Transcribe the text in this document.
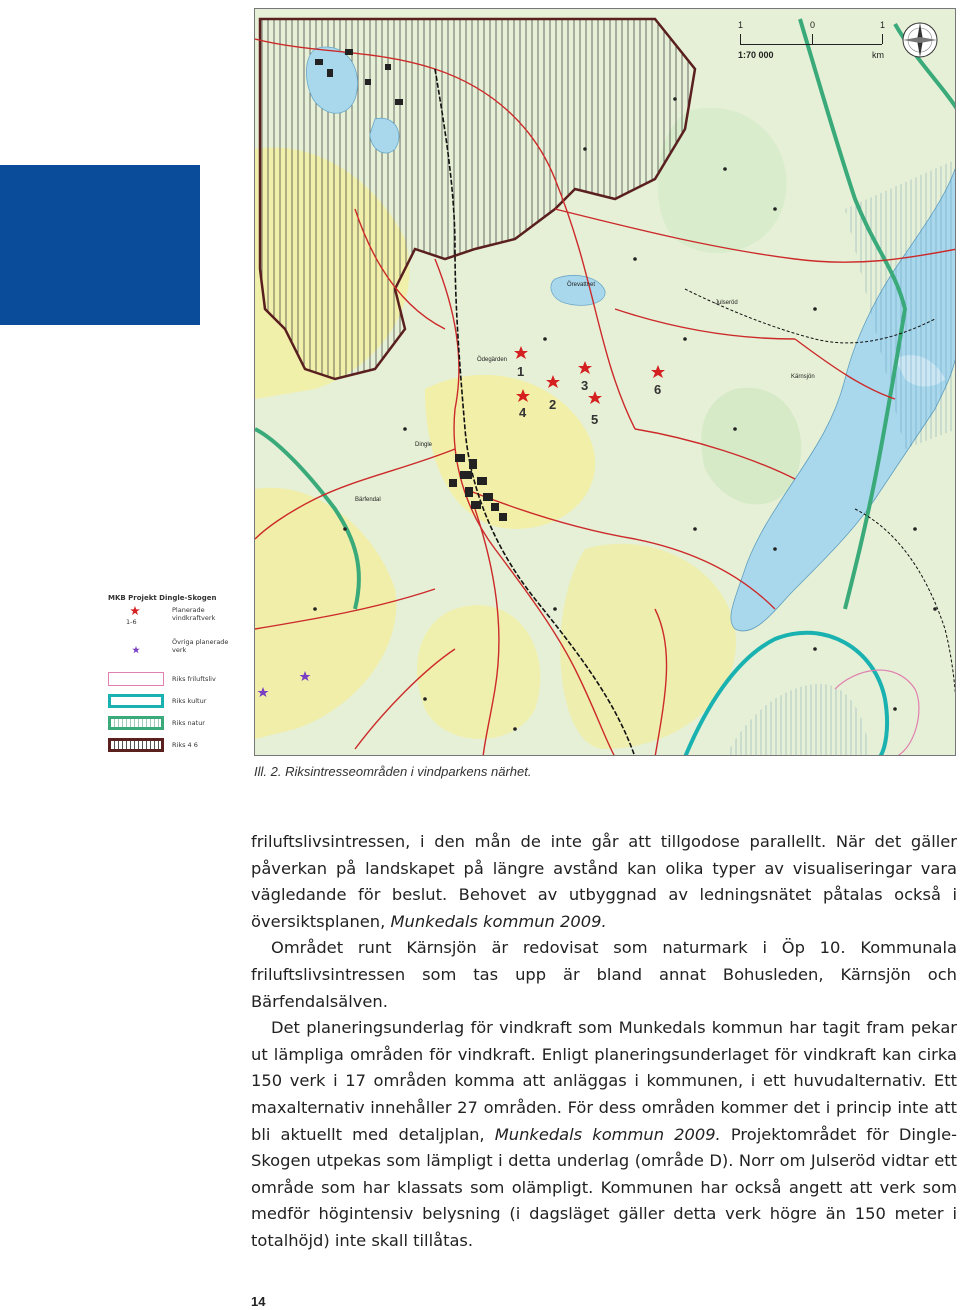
1
2
3
4	5
6
Örevattnet
Julseröd
Dingle
Kärnsjön
Ödegärden
Bärfendal
1	0	1
1:70 000	km
MKB Projekt Dingle-Skogen
1-6
Planerade vindkraftverk
Övriga planerade verk
Riks friluftsliv
Riks kultur
Riks natur
Riks 4 6
Ill. 2. Riksintresseområden i vindparkens närhet.

friluftslivsintressen, i den mån de inte går att tillgodose parallellt. När det gäller påverkan på landskapet på längre avstånd kan olika typer av visualiseringar vara vägledande för beslut. Behovet av utbyggnad av ledningsnätet påtalas också i översiktsplanen, Munkedals kommun 2009.

Området runt Kärnsjön är redovisat som naturmark i Öp 10. Kommunala friluftslivsintressen som tas upp är bland annat Bohusleden, Kärnsjön och Bärfendalsälven.

Det planeringsunderlag för vindkraft som Munkedals kommun har tagit fram pekar ut lämpliga områden för vindkraft. Enligt planeringsunderlaget för vindkraft kan cirka 150 verk i 17 områden komma att anläggas i kommunen, i ett huvudalternativ. Ett maxalternativ innehåller 27 områden. För dess områden kommer det i princip inte att bli aktuellt med detaljplan, Munkedals kommun 2009. Projektområdet för Dingle-Skogen utpekas som lämpligt i detta underlag (område D). Norr om Julseröd vidtar ett område som har klassats som olämpligt. Kommunen har också angett att verk som medför högintensiv belysning (i dagsläget gäller detta verk högre än 150 meter i totalhöjd) inte skall tillåtas.

14
